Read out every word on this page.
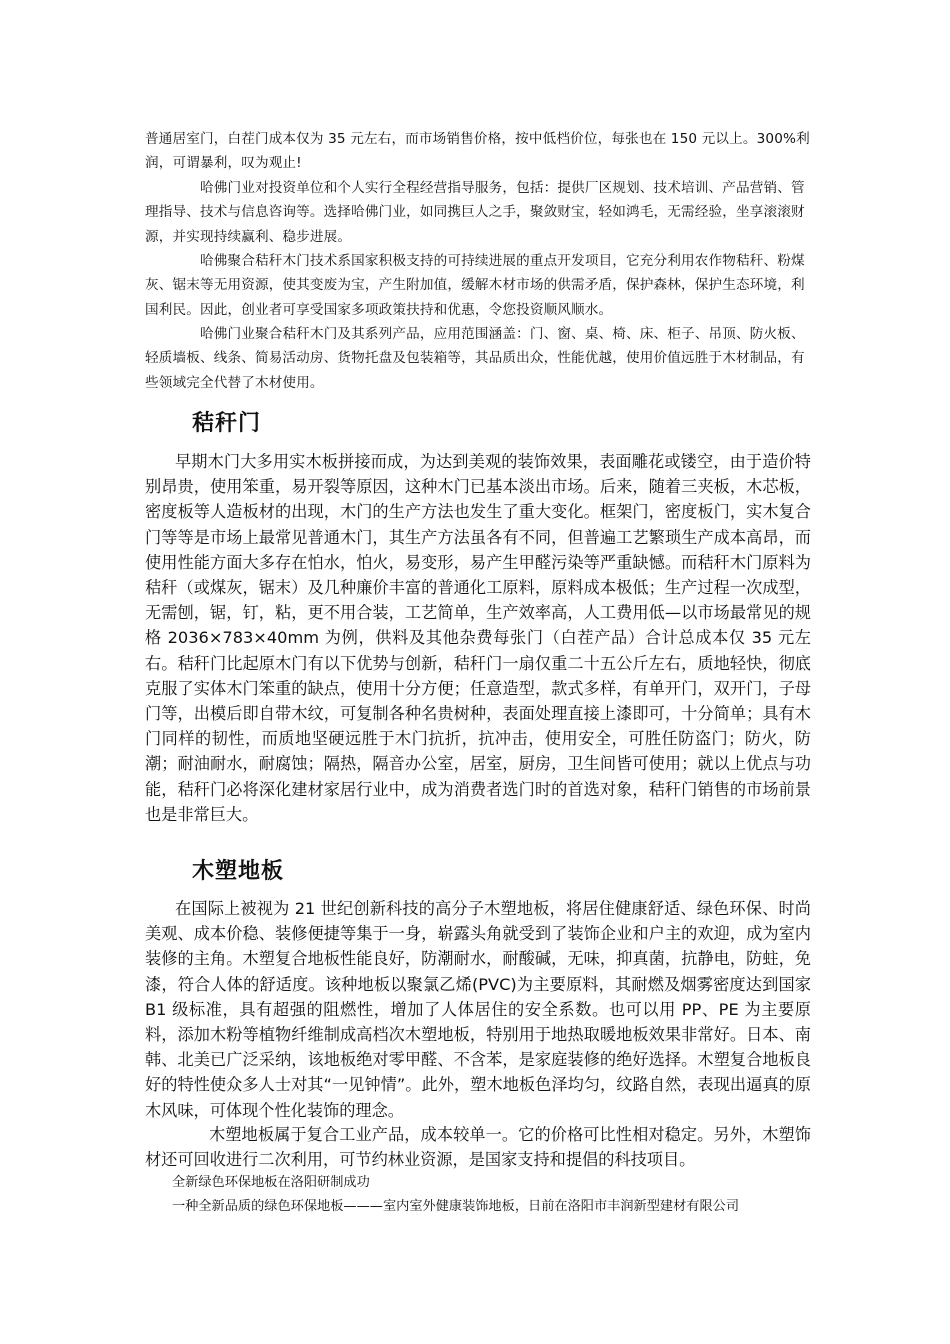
普通居室门，白茬门成本仅为 35 元左右，而市场销售价格，按中低档价位，每张也在 150 元以上。300%利润，可谓暴利，叹为观止!

哈佛门业对投资单位和个人实行全程经营指导服务，包括：提供厂区规划、技术培训、产品营销、管理指导、技术与信息咨询等。选择哈佛门业，如同携巨人之手，聚敛财宝，轻如鸿毛，无需经验，坐享滚滚财源，并实现持续赢利、稳步进展。

哈佛聚合秸秆木门技术系国家积极支持的可持续进展的重点开发项目，它充分利用农作物秸秆、粉煤灰、锯末等无用资源，使其变废为宝，产生附加值，缓解木材市场的供需矛盾，保护森林，保护生态环境，利国利民。因此，创业者可享受国家多项政策扶持和优惠，令您投资顺风顺水。

哈佛门业聚合秸秆木门及其系列产品，应用范围涵盖：门、窗、桌、椅、床、柜子、吊顶、防火板、轻质墙板、线条、简易活动房、货物托盘及包装箱等，其品质出众，性能优越，使用价值远胜于木材制品，有些领域完全代替了木材使用。

秸秆门

早期木门大多用实木板拼接而成，为达到美观的装饰效果，表面雕花或镂空，由于造价特别昂贵，使用笨重，易开裂等原因，这种木门已基本淡出市场。后来，随着三夹板，木芯板，密度板等人造板材的出现，木门的生产方法也发生了重大变化。框架门，密度板门，实木复合门等等是市场上最常见普通木门，其生产方法虽各有不同，但普遍工艺繁琐生产成本高昂，而使用性能方面大多存在怕水，怕火，易变形，易产生甲醛污染等严重缺憾。而秸秆木门原料为秸秆（或煤灰，锯末）及几种廉价丰富的普通化工原料，原料成本极低；生产过程一次成型，无需刨，锯，钉，粘，更不用合装，工艺简单，生产效率高，人工费用低—以市场最常见的规格 2036×783×40mm 为例，供料及其他杂费每张门（白茬产品）合计总成本仅 35 元左右。秸秆门比起原木门有以下优势与创新，秸秆门一扇仅重二十五公斤左右，质地轻快，彻底克服了实体木门笨重的缺点，使用十分方便；任意造型，款式多样，有单开门，双开门，子母门等，出模后即自带木纹，可复制各种名贵树种，表面处理直接上漆即可，十分简单；具有木门同样的韧性，而质地坚硬远胜于木门抗折，抗冲击，使用安全，可胜任防盗门；防火，防潮；耐油耐水，耐腐蚀；隔热，隔音办公室，居室，厨房，卫生间皆可使用；就以上优点与功能，秸秆门必将深化建材家居行业中，成为消费者选门时的首选对象，秸秆门销售的市场前景也是非常巨大。

木塑地板

在国际上被视为 21 世纪创新科技的高分子木塑地板，将居住健康舒适、绿色环保、时尚美观、成本价稳、装修便捷等集于一身，崭露头角就受到了装饰企业和户主的欢迎，成为室内装修的主角。木塑复合地板性能良好，防潮耐水，耐酸碱，无味，抑真菌，抗静电，防蛀，免漆，符合人体的舒适度。该种地板以聚氯乙烯(PVC)为主要原料，其耐燃及烟雾密度达到国家 B1 级标准，具有超强的阻燃性，增加了人体居住的安全系数。也可以用 PP、PE 为主要原料，添加木粉等植物纤维制成高档次木塑地板，特别用于地热取暖地板效果非常好。日本、南韩、北美已广泛采纳，该地板绝对零甲醛、不含苯，是家庭装修的绝好选择。木塑复合地板良好的特性使众多人士对其“一见钟情”。此外，塑木地板色泽均匀，纹路自然，表现出逼真的原木风味，可体现个性化装饰的理念。

木塑地板属于复合工业产品，成本较单一。它的价格可比性相对稳定。另外，木塑饰材还可回收进行二次利用，可节约林业资源，是国家支持和提倡的科技项目。

全新绿色环保地板在洛阳研制成功

一种全新品质的绿色环保地板———室内室外健康装饰地板，日前在洛阳市丰润新型建材有限公司
